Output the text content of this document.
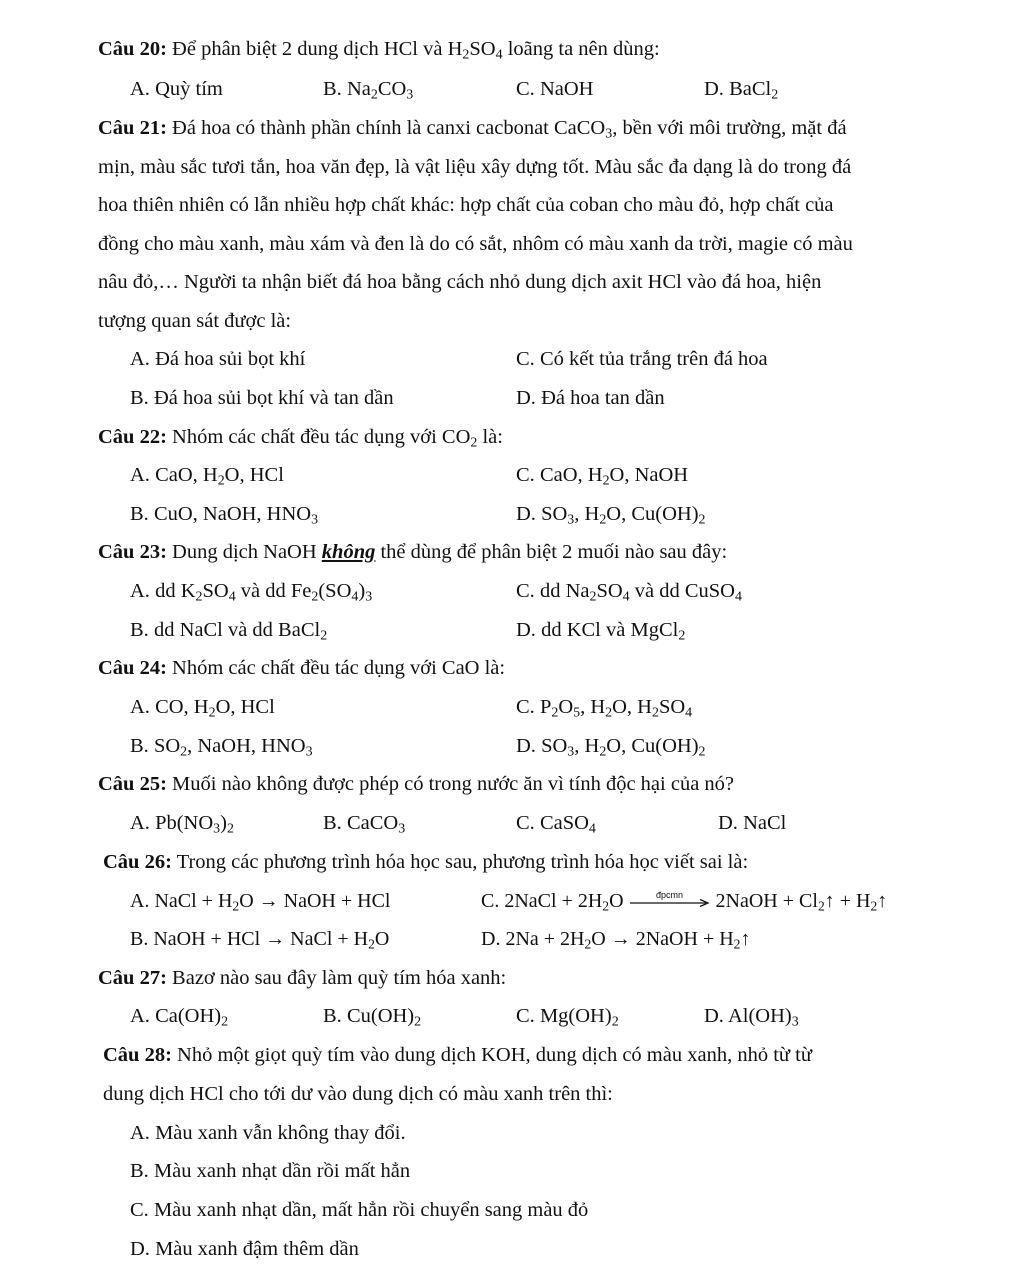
Câu 20: Để phân biệt 2 dung dịch HCl và $H_2SO_4$ loãng ta nên dùng:
A. Quỳ tím	B. $Na_2CO_3$	C. NaOH	D. BaCl$_2$
Câu 21: Đá hoa có thành phần chính là canxi cacbonat CaCO$_3$, bền với môi trường, mặt đá
mịn, màu sắc tươi tắn, hoa văn đẹp, là vật liệu xây dựng tốt. Màu sắc đa dạng là do trong đá
hoa thiên nhiên có lẫn nhiều hợp chất khác: hợp chất của coban cho màu đỏ, hợp chất của
đồng cho màu xanh, màu xám và đen là do có sắt, nhôm có màu xanh da trời, magie có màu
nâu đỏ,… Người ta nhận biết đá hoa bằng cách nhỏ dung dịch axit HCl vào đá hoa, hiện
tượng quan sát được là:
A. Đá hoa sủi bọt khí	C. Có kết tủa trắng trên đá hoa
B. Đá hoa sủi bọt khí và tan dần	D. Đá hoa tan dần
Câu 22: Nhóm các chất đều tác dụng với $CO_2$ là:
A. CaO, $H_2O$, HCl	C. CaO, $H_2O$, NaOH
B. CuO, NaOH, $HNO_3$	D. $SO_3$, $H_2O$, $Cu(OH)_2$
Câu 23: Dung dịch NaOH không thể dùng để phân biệt 2 muối nào sau đây:
A. dd $K_2SO_4$ và dd $Fe_2(SO_4)_3$	C. dd $Na_2SO_4$ và dd CuSO$_4$
B. dd NaCl và dd BaCl$_2$	D. dd KCl và MgCl$_2$
Câu 24: Nhóm các chất đều tác dụng với CaO là:
A. CO, $H_2O$, HCl	C. $P_2O_5$, $H_2O$, $H_2SO_4$
B. $SO_2$, NaOH, $HNO_3$	D. $SO_3$, $H_2O$, $Cu(OH)_2$
Câu 25: Muối nào không được phép có trong nước ăn vì tính độc hại của nó?
A. $Pb(NO_3)_2$	B. CaCO$_3$	C. CaSO$_4$	D. NaCl
Câu 26: Trong các phương trình hóa học sau, phương trình hóa học viết sai là:
A. NaCl + $H_2O$ → NaOH + HCl	C. 2NaCl + $2H_2O$	đpcmn	2NaOH + $Cl_2↑$ + $H_2↑$
B. NaOH + HCl → NaCl + $H_2O$	D. $2Na + 2H_2O$ → 2NaOH + $H_2↑$
Câu 27: Bazơ nào sau đây làm quỳ tím hóa xanh:
A. $Ca(OH)_2$	B. $Cu(OH)_2$	C. $Mg(OH)_2$	D. $Al(OH)_3$
Câu 28: Nhỏ một giọt quỳ tím vào dung dịch KOH, dung dịch có màu xanh, nhỏ từ từ
dung dịch HCl cho tới dư vào dung dịch có màu xanh trên thì:
A. Màu xanh vẫn không thay đổi.
B. Màu xanh nhạt dần rồi mất hẳn
C. Màu xanh nhạt dần, mất hẳn rồi chuyển sang màu đỏ
D. Màu xanh đậm thêm dần
